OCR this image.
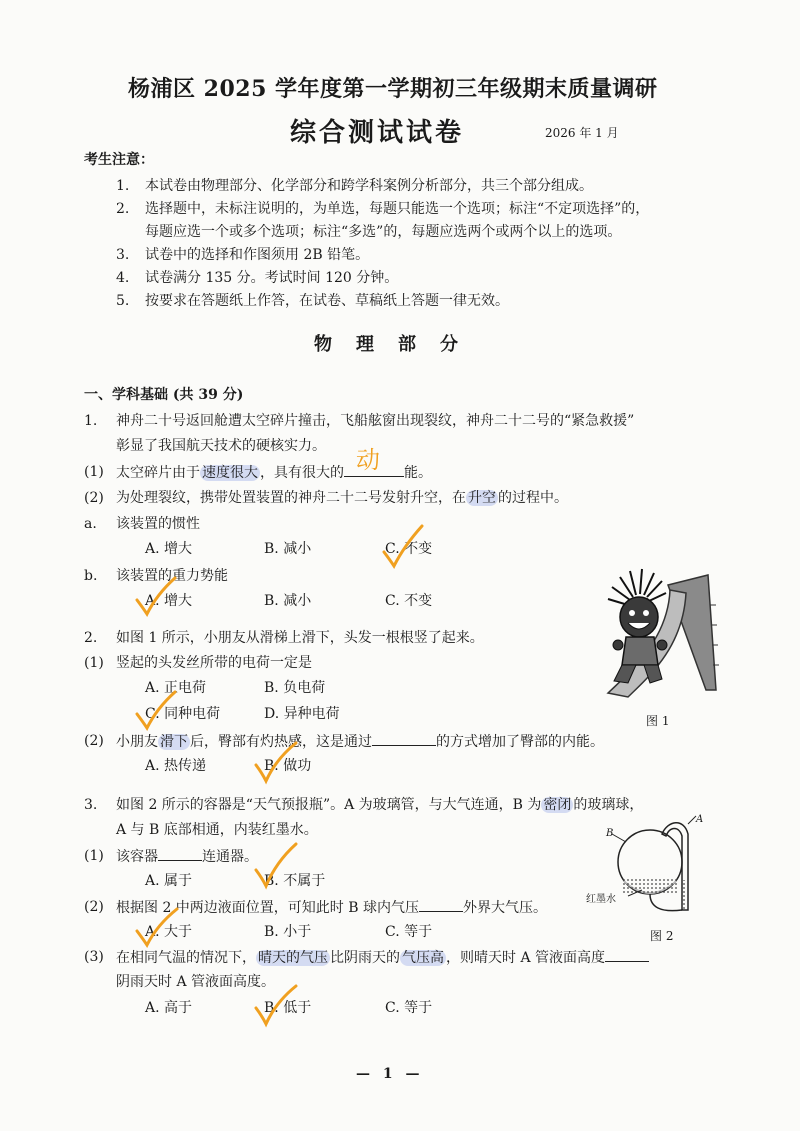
杨浦区 2025 学年度第一学期初三年级期末质量调研
综合测试试卷	2026 年 1 月
考生注意：
1. 本试卷由物理部分、化学部分和跨学科案例分析部分，共三个部分组成。
2. 选择题中，未标注说明的，为单选，每题只能选一个选项；标注“不定项选择”的，
每题应选一个或多个选项；标注“多选”的，每题应选两个或两个以上的选项。
3. 试卷中的选择和作图须用 2B 铅笔。
4. 试卷满分 135 分。考试时间 120 分钟。
5. 按要求在答题纸上作答，在试卷、草稿纸上答题一律无效。
物理部分
一、学科基础 (共 39 分)
1. 神舟二十号返回舱遭太空碎片撞击，飞船舷窗出现裂纹，神舟二十二号的“紧急救援”
彰显了我国航天技术的硬核实力。
(1) 太空碎片由于 速度很大 ，具有很大的 动 能。
(2) 为处理裂纹，携带处置装置的神舟二十二号发射升空，在 升空 的过程中。
a. 该装置的惯性
A. 增大	B. 减小	C. 不变
b. 该装置的重力势能
A. 增大	B. 减小	C. 不变
2. 如图 1 所示，小朋友从滑梯上滑下，头发一根根竖了起来。
(1) 竖起的头发丝所带的电荷一定是
A. 正电荷	B. 负电荷
C. 同种电荷	D. 异种电荷
(2) 小朋友 滑下 后，臀部有灼热感，这是通过	的方式增加了臀部的内能。
A. 热传递	B. 做功
图 1
3. 如图 2 所示的容器是“天气预报瓶”。A 为玻璃管，与大气连通，B 为 密闭 的玻璃球，
A 与 B 底部相通，内装红墨水。
(1) 该容器	连通器。
A. 属于	B. 不属于
(2) 根据图 2 中两边液面位置，可知此时 B 球内气压	外界大气压。
A. 大于	B. 小于	C. 等于
(3) 在相同气温的情况下， 晴天的气压 比阴雨天的 气压高 ，则晴天时 A 管液面高度
阴雨天时 A 管液面高度。
A. 高于	B. 低于	C. 等于
A
B
红墨水
图 2
— 1 —
